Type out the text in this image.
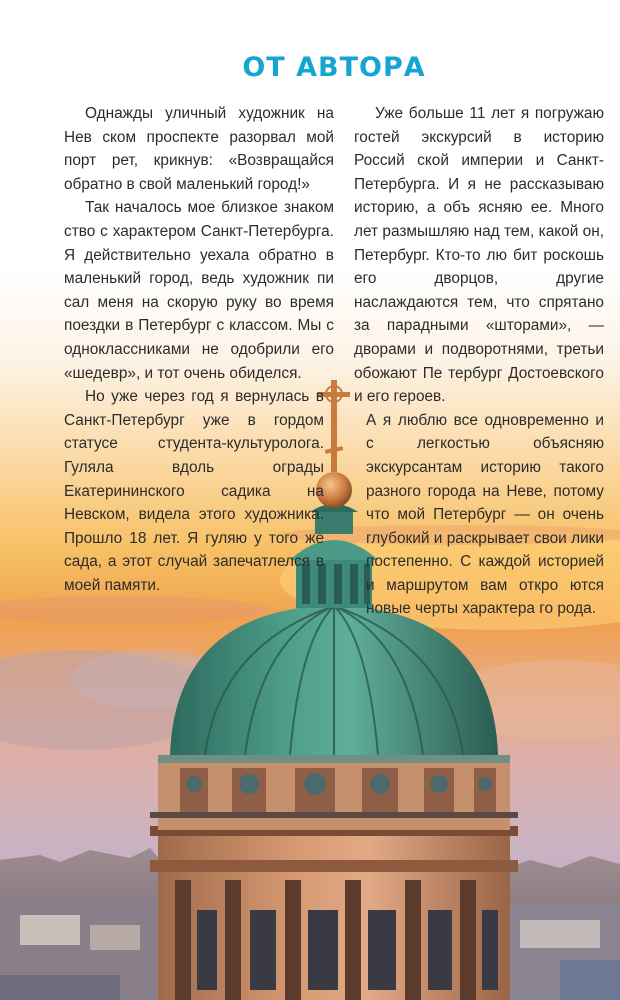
ОТ АВТОРА

Однажды уличный художник на Нев ском проспекте разорвал мой порт рет, крикнув: «Возвращайся обратно в свой маленький город!»

Так началось мое близкое знаком ство с характером Санкт-Петербурга. Я действительно уехала обратно в маленький город, ведь художник пи сал меня на скорую руку во время поездки в Петербург с классом. Мы с одноклассниками не одобрили его «шедевр», и тот очень обиделся.

Но уже через год я вернулась в Санкт-Петербург уже в гордом статусе студента-культуролога. Гуляла вдоль ограды Екатерининского садика на Невском, видела этого художника. Прошло 18 лет. Я гуляю у того же сада, а этот случай запечатлелся в моей памяти.

Уже больше 11 лет я погружаю гостей экскурсий в историю Россий ской империи и Санкт-Петербурга. И я не рассказываю историю, а объ ясняю ее. Много лет размышляю над тем, какой он, Петербург. Кто-то лю бит роскошь его дворцов, другие наслаждаются тем, что спрятано за парадными «шторами», — дворами и подворотнями, третьи обожают Пе тербург Достоевского и его героев.

А я люблю все одновременно и с легкостью объясняю экскурсантам историю такого разного города на Неве, потому что мой Петербург — он очень глубокий и раскрывает свои лики постепенно. С каждой историей и маршрутом вам откро ются новые черты характера го рода.
